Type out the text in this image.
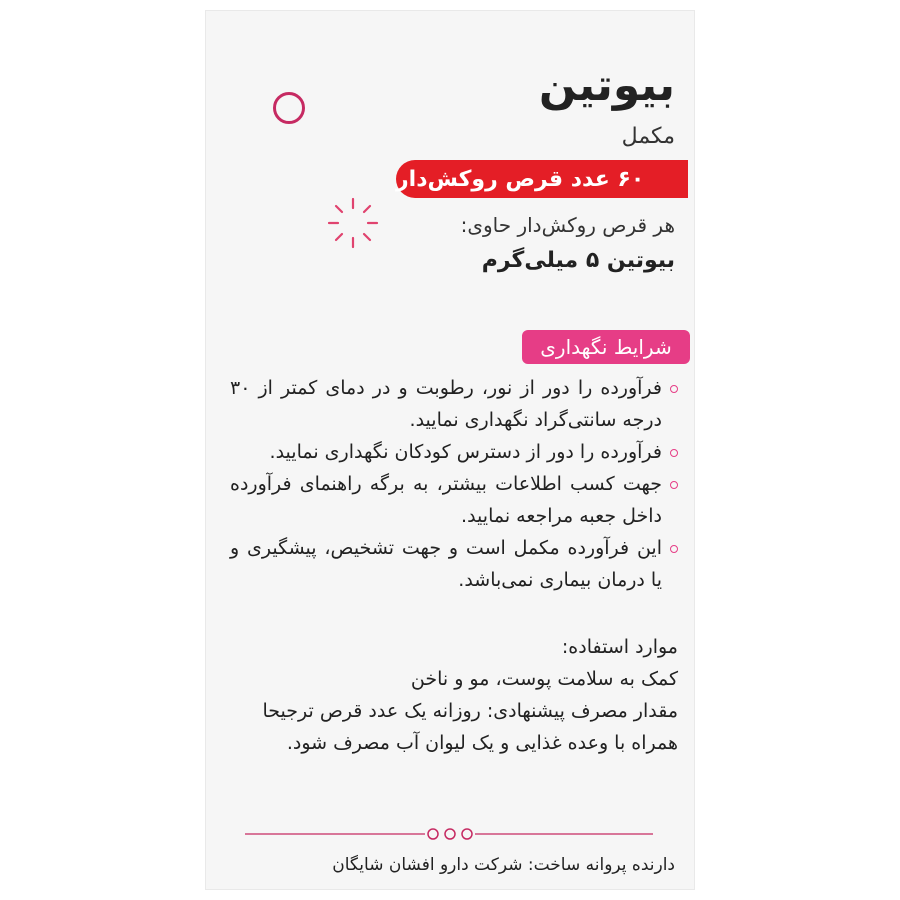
بیوتین
مکمل
۶۰ عدد قرص روکش‌دار
هر قرص روکش‌دار حاوی:
بیوتین ۵ میلی‌گرم
شرایط نگهداری
فرآورده را دور از نور، رطوبت و در دمای کمتر از ۳۰ درجه سانتی‌گراد نگهداری نمایید.
فرآورده را دور از دسترس کودکان نگهداری نمایید.
جهت کسب اطلاعات بیشتر، به برگه راهنمای فرآورده داخل جعبه مراجعه نمایید.
این فرآورده مکمل است و جهت تشخیص، پیشگیری و یا درمان بیماری نمی‌باشد.
موارد استفاده:
کمک به سلامت پوست، مو و ناخن
مقدار مصرف پیشنهادی: روزانه یک عدد قرص ترجیحا همراه با وعده غذایی و یک لیوان آب مصرف شود.
دارنده پروانه ساخت: شرکت دارو افشان شایگان
